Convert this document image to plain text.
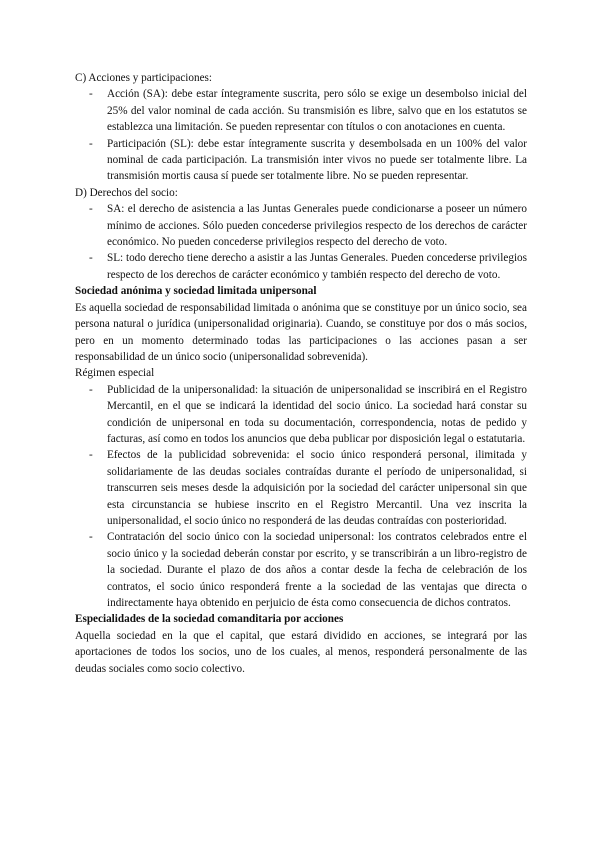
C) Acciones y participaciones:

- Acción (SA): debe estar íntegramente suscrita, pero sólo se exige un desembolso inicial del 25% del valor nominal de cada acción. Su transmisión es libre, salvo que en los estatutos se establezca una limitación. Se pueden representar con títulos o con anotaciones en cuenta.
- Participación (SL): debe estar íntegramente suscrita y desembolsada en un 100% del valor nominal de cada participación. La transmisión inter vivos no puede ser totalmente libre. La transmisión mortis causa sí puede ser totalmente libre. No se pueden representar.

D) Derechos del socio:

- SA: el derecho de asistencia a las Juntas Generales puede condicionarse a poseer un número mínimo de acciones. Sólo pueden concederse privilegios respecto de los derechos de carácter económico. No pueden concederse privilegios respecto del derecho de voto.
- SL: todo derecho tiene derecho a asistir a las Juntas Generales. Pueden concederse privilegios respecto de los derechos de carácter económico y también respecto del derecho de voto.

Sociedad anónima y sociedad limitada unipersonal

Es aquella sociedad de responsabilidad limitada o anónima que se constituye por un único socio, sea persona natural o jurídica (unipersonalidad originaria). Cuando, se constituye por dos o más socios, pero en un momento determinado todas las participaciones o las acciones pasan a ser responsabilidad de un único socio (unipersonalidad sobrevenida).

Régimen especial

- Publicidad de la unipersonalidad: la situación de unipersonalidad se inscribirá en el Registro Mercantil, en el que se indicará la identidad del socio único. La sociedad hará constar su condición de unipersonal en toda su documentación, correspondencia, notas de pedido y facturas, así como en todos los anuncios que deba publicar por disposición legal o estatutaria.
- Efectos de la publicidad sobrevenida: el socio único responderá personal, ilimitada y solidariamente de las deudas sociales contraídas durante el período de unipersonalidad, si transcurren seis meses desde la adquisición por la sociedad del carácter unipersonal sin que esta circunstancia se hubiese inscrito en el Registro Mercantil. Una vez inscrita la unipersonalidad, el socio único no responderá de las deudas contraídas con posterioridad.
- Contratación del socio único con la sociedad unipersonal: los contratos celebrados entre el socio único y la sociedad deberán constar por escrito, y se transcribirán a un libro-registro de la sociedad. Durante el plazo de dos años a contar desde la fecha de celebración de los contratos, el socio único responderá frente a la sociedad de las ventajas que directa o indirectamente haya obtenido en perjuicio de ésta como consecuencia de dichos contratos.

Especialidades de la sociedad comanditaria por acciones

Aquella sociedad en la que el capital, que estará dividido en acciones, se integrará por las aportaciones de todos los socios, uno de los cuales, al menos, responderá personalmente de las deudas sociales como socio colectivo.
